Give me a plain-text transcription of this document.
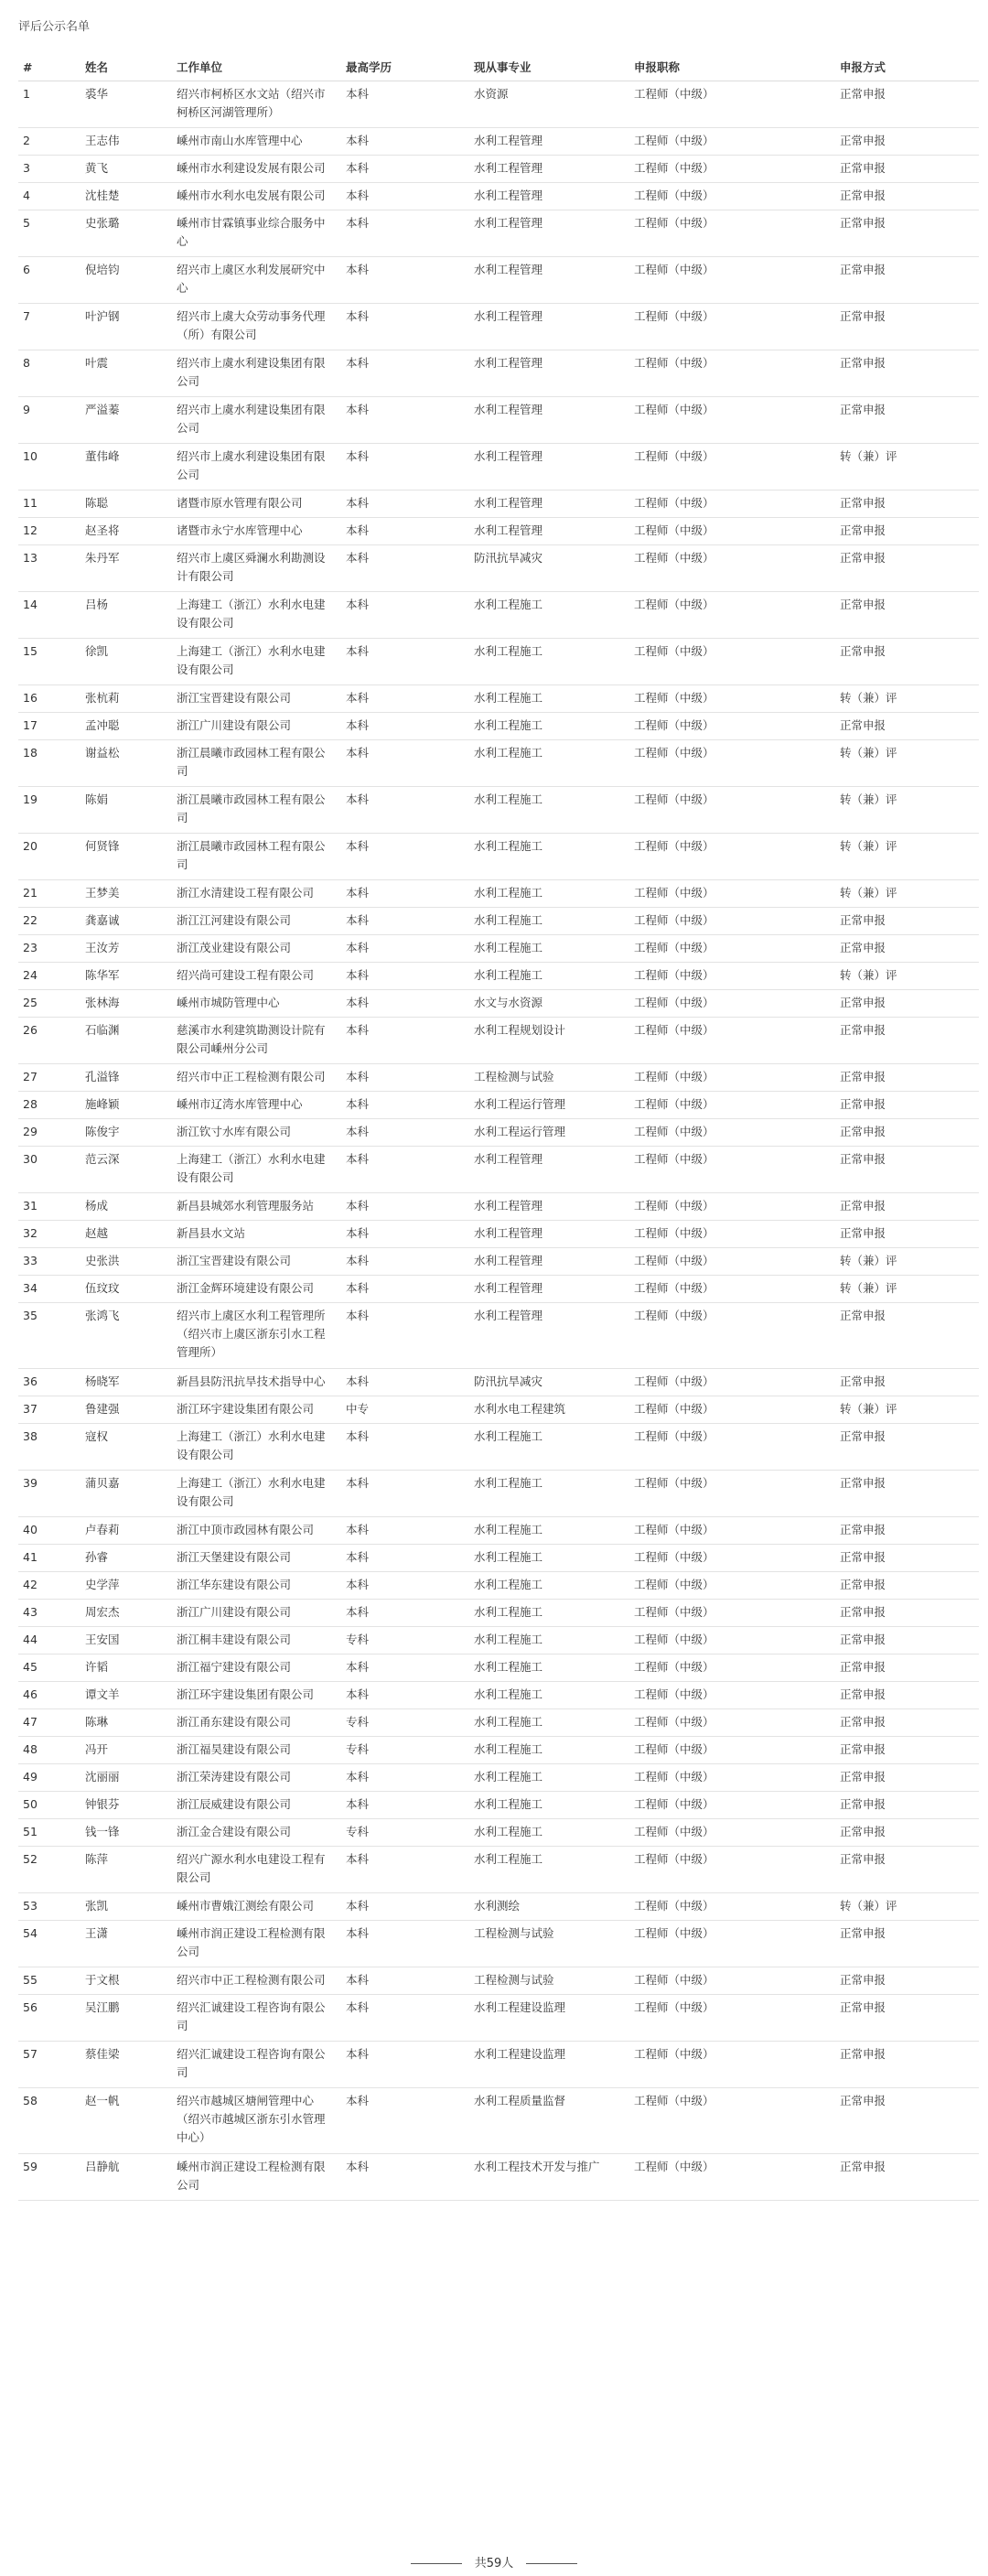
评后公示名单
#	姓名	工作单位	最高学历	现从事专业	申报职称	申报方式
1	裘华	绍兴市柯桥区水文站（绍兴市柯桥区河湖管理所）	本科	水资源	工程师（中级）	正常申报
2	王志伟	嵊州市南山水库管理中心	本科	水利工程管理	工程师（中级）	正常申报
3	黄飞	嵊州市水利建设发展有限公司	本科	水利工程管理	工程师（中级）	正常申报
4	沈桂楚	嵊州市水利水电发展有限公司	本科	水利工程管理	工程师（中级）	正常申报
5	史张璐	嵊州市甘霖镇事业综合服务中心	本科	水利工程管理	工程师（中级）	正常申报
6	倪培钧	绍兴市上虞区水利发展研究中心	本科	水利工程管理	工程师（中级）	正常申报
7	叶沪钢	绍兴市上虞大众劳动事务代理（所）有限公司	本科	水利工程管理	工程师（中级）	正常申报
8	叶震	绍兴市上虞水利建设集团有限公司	本科	水利工程管理	工程师（中级）	正常申报
9	严溢蓁	绍兴市上虞水利建设集团有限公司	本科	水利工程管理	工程师（中级）	正常申报
10	董伟峰	绍兴市上虞水利建设集团有限公司	本科	水利工程管理	工程师（中级）	转（兼）评
11	陈聪	诸暨市原水管理有限公司	本科	水利工程管理	工程师（中级）	正常申报
12	赵圣将	诸暨市永宁水库管理中心	本科	水利工程管理	工程师（中级）	正常申报
13	朱丹军	绍兴市上虞区舜澜水利勘测设计有限公司	本科	防汛抗旱减灾	工程师（中级）	正常申报
14	吕杨	上海建工（浙江）水利水电建设有限公司	本科	水利工程施工	工程师（中级）	正常申报
15	徐凯	上海建工（浙江）水利水电建设有限公司	本科	水利工程施工	工程师（中级）	正常申报
16	张杭莉	浙江宝晋建设有限公司	本科	水利工程施工	工程师（中级）	转（兼）评
17	孟冲聪	浙江广川建设有限公司	本科	水利工程施工	工程师（中级）	正常申报
18	谢益松	浙江晨曦市政园林工程有限公司	本科	水利工程施工	工程师（中级）	转（兼）评
19	陈娟	浙江晨曦市政园林工程有限公司	本科	水利工程施工	工程师（中级）	转（兼）评
20	何贤锋	浙江晨曦市政园林工程有限公司	本科	水利工程施工	工程师（中级）	转（兼）评
21	王梦美	浙江水清建设工程有限公司	本科	水利工程施工	工程师（中级）	转（兼）评
22	龚嘉诚	浙江江河建设有限公司	本科	水利工程施工	工程师（中级）	正常申报
23	王汝芳	浙江茂业建设有限公司	本科	水利工程施工	工程师（中级）	正常申报
24	陈华军	绍兴尚可建设工程有限公司	本科	水利工程施工	工程师（中级）	转（兼）评
25	张林海	嵊州市城防管理中心	本科	水文与水资源	工程师（中级）	正常申报
26	石临渊	慈溪市水利建筑勘测设计院有限公司嵊州分公司	本科	水利工程规划设计	工程师（中级）	正常申报
27	孔溢锋	绍兴市中正工程检测有限公司	本科	工程检测与试验	工程师（中级）	正常申报
28	施峰颖	嵊州市辽湾水库管理中心	本科	水利工程运行管理	工程师（中级）	正常申报
29	陈俊宇	浙江钦寸水库有限公司	本科	水利工程运行管理	工程师（中级）	正常申报
30	范云深	上海建工（浙江）水利水电建设有限公司	本科	水利工程管理	工程师（中级）	正常申报
31	杨成	新昌县城郊水利管理服务站	本科	水利工程管理	工程师（中级）	正常申报
32	赵越	新昌县水文站	本科	水利工程管理	工程师（中级）	正常申报
33	史张洪	浙江宝晋建设有限公司	本科	水利工程管理	工程师（中级）	转（兼）评
34	伍玟玟	浙江金辉环境建设有限公司	本科	水利工程管理	工程师（中级）	转（兼）评
35	张鸿飞	绍兴市上虞区水利工程管理所（绍兴市上虞区浙东引水工程管理所）	本科	水利工程管理	工程师（中级）	正常申报
36	杨晓军	新昌县防汛抗旱技术指导中心	本科	防汛抗旱减灾	工程师（中级）	正常申报
37	鲁建强	浙江环宇建设集团有限公司	中专	水利水电工程建筑	工程师（中级）	转（兼）评
38	寇权	上海建工（浙江）水利水电建设有限公司	本科	水利工程施工	工程师（中级）	正常申报
39	蒲贝嘉	上海建工（浙江）水利水电建设有限公司	本科	水利工程施工	工程师（中级）	正常申报
40	卢春莉	浙江中顶市政园林有限公司	本科	水利工程施工	工程师（中级）	正常申报
41	孙睿	浙江天堡建设有限公司	本科	水利工程施工	工程师（中级）	正常申报
42	史学萍	浙江华东建设有限公司	本科	水利工程施工	工程师（中级）	正常申报
43	周宏杰	浙江广川建设有限公司	本科	水利工程施工	工程师（中级）	正常申报
44	王安国	浙江桐丰建设有限公司	专科	水利工程施工	工程师（中级）	正常申报
45	许韬	浙江福宁建设有限公司	本科	水利工程施工	工程师（中级）	正常申报
46	谭文羊	浙江环宇建设集团有限公司	本科	水利工程施工	工程师（中级）	正常申报
47	陈琳	浙江甬东建设有限公司	专科	水利工程施工	工程师（中级）	正常申报
48	冯开	浙江福昊建设有限公司	专科	水利工程施工	工程师（中级）	正常申报
49	沈丽丽	浙江荣涛建设有限公司	本科	水利工程施工	工程师（中级）	正常申报
50	钟银芬	浙江辰威建设有限公司	本科	水利工程施工	工程师（中级）	正常申报
51	钱一锋	浙江金合建设有限公司	专科	水利工程施工	工程师（中级）	正常申报
52	陈萍	绍兴广源水利水电建设工程有限公司	本科	水利工程施工	工程师（中级）	正常申报
53	张凯	嵊州市曹娥江测绘有限公司	本科	水利测绘	工程师（中级）	转（兼）评
54	王潇	嵊州市润正建设工程检测有限公司	本科	工程检测与试验	工程师（中级）	正常申报
55	于文根	绍兴市中正工程检测有限公司	本科	工程检测与试验	工程师（中级）	正常申报
56	吴江鹏	绍兴汇诚建设工程咨询有限公司	本科	水利工程建设监理	工程师（中级）	正常申报
57	蔡佳梁	绍兴汇诚建设工程咨询有限公司	本科	水利工程建设监理	工程师（中级）	正常申报
58	赵一帆	绍兴市越城区塘闸管理中心（绍兴市越城区浙东引水管理中心）	本科	水利工程质量监督	工程师（中级）	正常申报
59	吕静航	嵊州市润正建设工程检测有限公司	本科	水利工程技术开发与推广	工程师（中级）	正常申报
共59人
